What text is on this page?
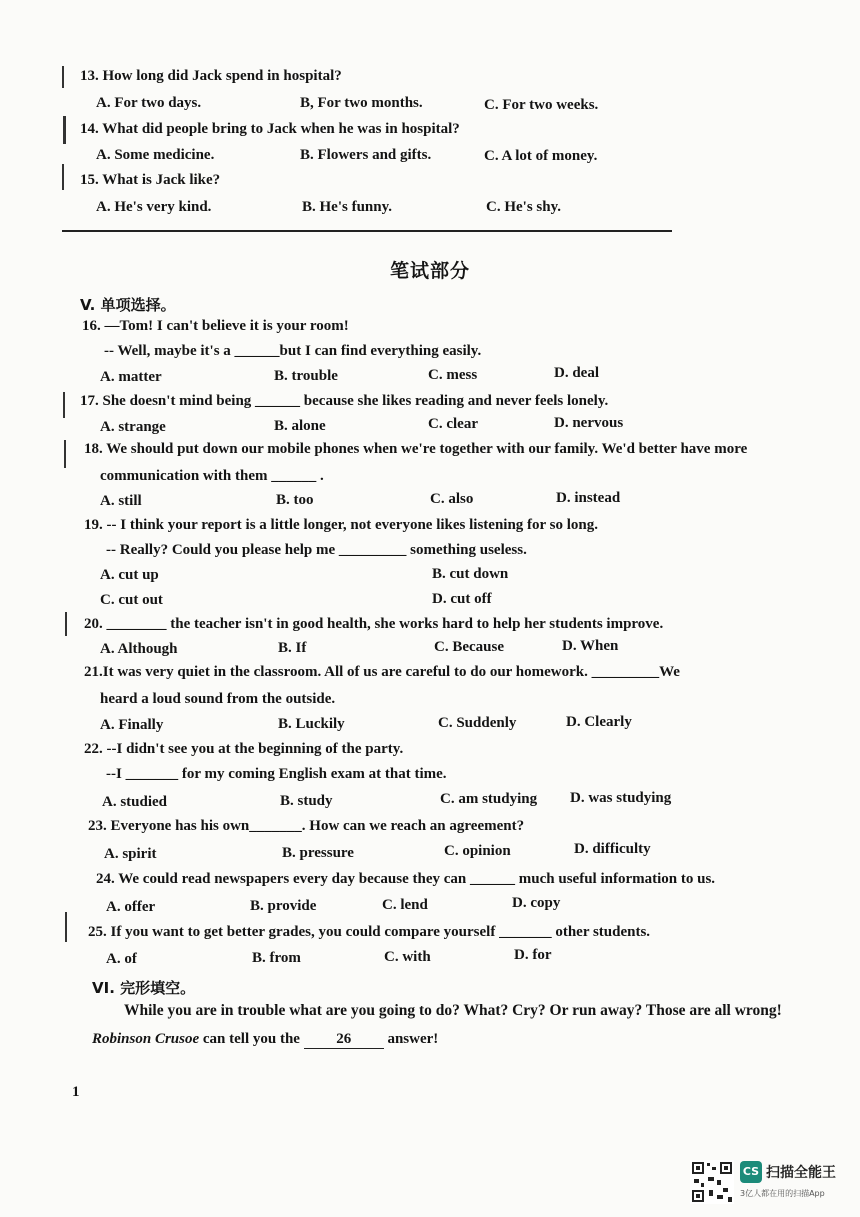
13. How long did Jack spend in hospital?
A. For two days.	B, For two months.	C. For two weeks.
14. What did people bring to Jack when he was in hospital?
A. Some medicine.	B. Flowers and gifts.	C. A lot of money.
15. What is Jack like?
A. He's very kind.	B. He's funny.	C. He's shy.
笔试部分
V. 单项选择。
16. —Tom! I can't believe it is your room!
-- Well, maybe it's a ______but I can find everything easily.
A. matter	B. trouble	C. mess	D. deal
17. She doesn't mind being ______ because she likes reading and never feels lonely.
A. strange	B. alone	C. clear	D. nervous
18. We should put down our mobile phones when we're together with our family. We'd better have more
communication with them ______ .
A. still	B. too	C. also	D. instead
19. -- I think your report is a little longer, not everyone likes listening for so long.
-- Really? Could you please help me _________ something useless.
A. cut up	B. cut down
C. cut out	D. cut off
20. ________ the teacher isn't in good health, she works hard to help her students improve.
A. Although	B. If	C. Because	D. When
21.It was very quiet in the classroom. All of us are careful to do our homework. _________We
heard a loud sound from the outside.
A. Finally	B. Luckily	C. Suddenly	D. Clearly
22. --I didn't see you at the beginning of the party.
--I _______ for my coming English exam at that time.
A. studied	B. study	C. am studying D. was studying
23. Everyone has his own_______. How can we reach an agreement?
A. spirit	B. pressure	C. opinion	D. difficulty
24. We could read newspapers every day because they can ______ much useful information to us.
A. offer	B. provide	C. lend	D. copy
25. If you want to get better grades, you could compare yourself _______ other students.
A. of	B. from	C. with	D. for
VI. 完形填空。
While you are in trouble what are you going to do? What? Cry? Or run away? Those are all wrong!
Robinson Crusoe can tell you the 26 answer!
1
CS 扫描全能王
3亿人都在用的扫描App
